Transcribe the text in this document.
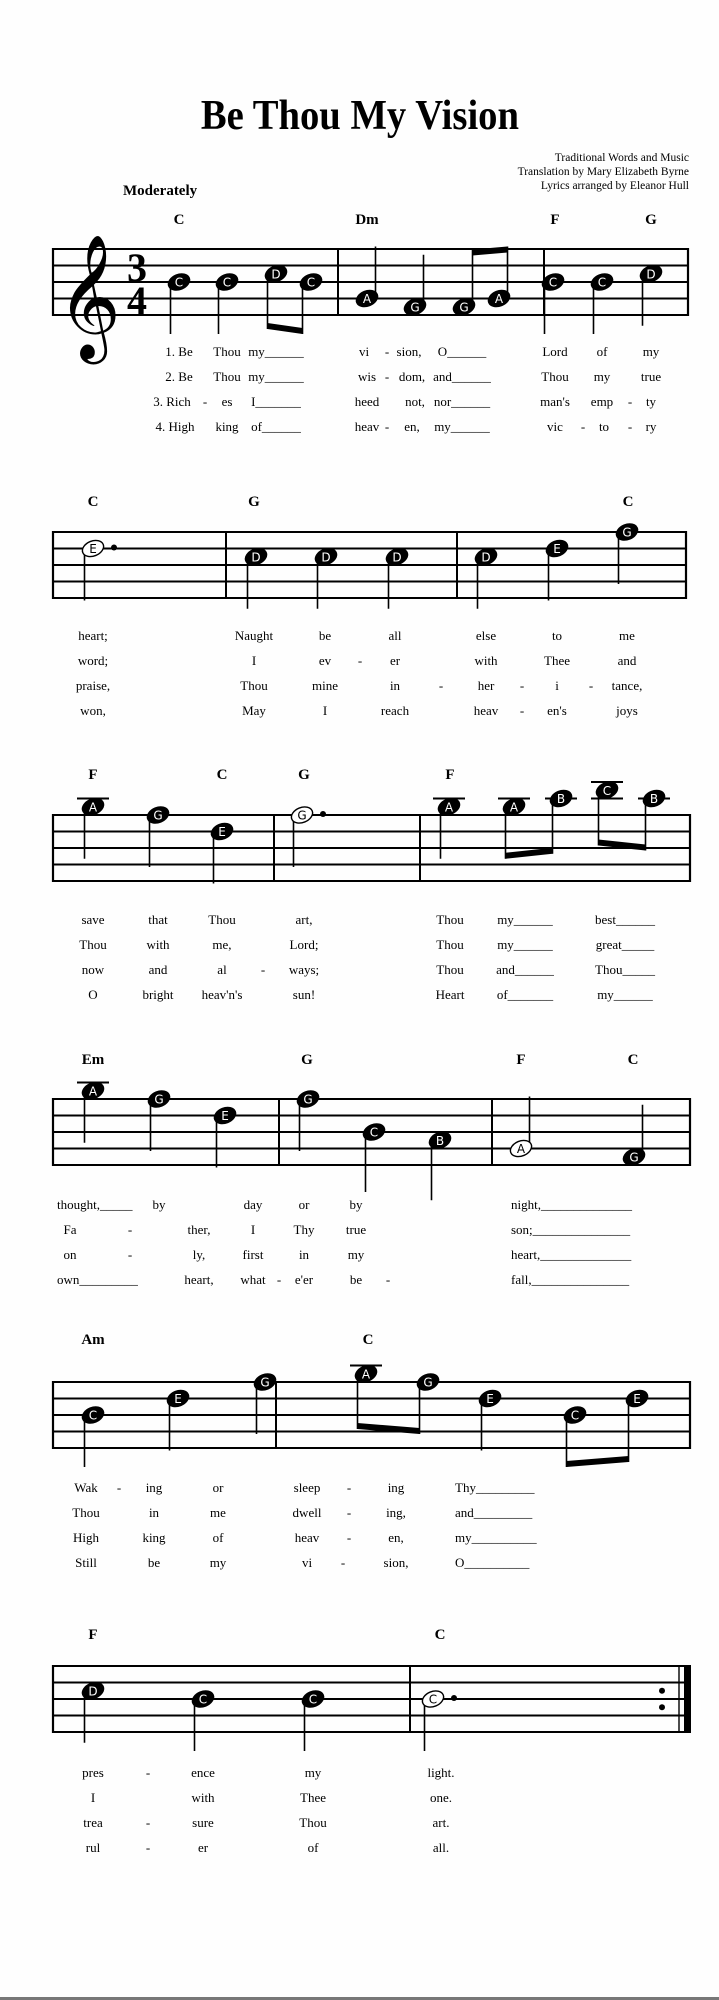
Be Thou My Vision
Traditional Words and Music
Translation by Mary Elizabeth Byrne
Lyrics arranged by Eleanor Hull
Moderately
𝄞 3
4 C	C
D
C
A
G	G
A
C	C
D
C	Dm	F	G
1. Be Thou my______	vi - sion, O______	Lord of	my
2. Be Thou my______	wis - dom, and______	Thou my true
3. Rich - es I_______	heed not, nor______	man's emp - ty
4. High king of______	heav - en, my______	vic - to - ry
E
D	D	D	D
E
G
C	G	C
heart;	Naught	be	all	else	to	me
word;	I	ev - er	with	Thee	and
praise,	Thou	mine	in	-	her - i - tance,
won,	May	I	reach	heav - en's	joys
A
G
E
G
A	A
B
C
B
F	C	G	F
save	that	Thou	art,	Thou	my______	best______
Thou	with	me,	Lord;	Thou	my______	great_____
now	and	al	- ways;	Thou and______	Thou_____
O	bright heav'n's	sun!	Heart of_______	my______
A
G
E
G
C
B
A
G
Em	G	F	C
thought,_____ by	day	or	by	night,______________
Fa	-	ther,	I	Thy true	son;_______________
on	-	ly,	first	in	my	heart,______________
own_________	heart, what - e'er	be -	fall,_______________
C
E
G
A
G
E
C
E
Am	C
Wak - ing	or	sleep -	ing	Thy_________
Thou	in	me	dwell -	ing,	and_________
High	king	of	heav -	en,	my__________
Still	be	my	vi -	sion,	O__________
D
C	C	C
F	C
pres	-	ence	my	light.
I	with	Thee	one.
trea	-	sure	Thou	art.
rul	-	er	of	all.
